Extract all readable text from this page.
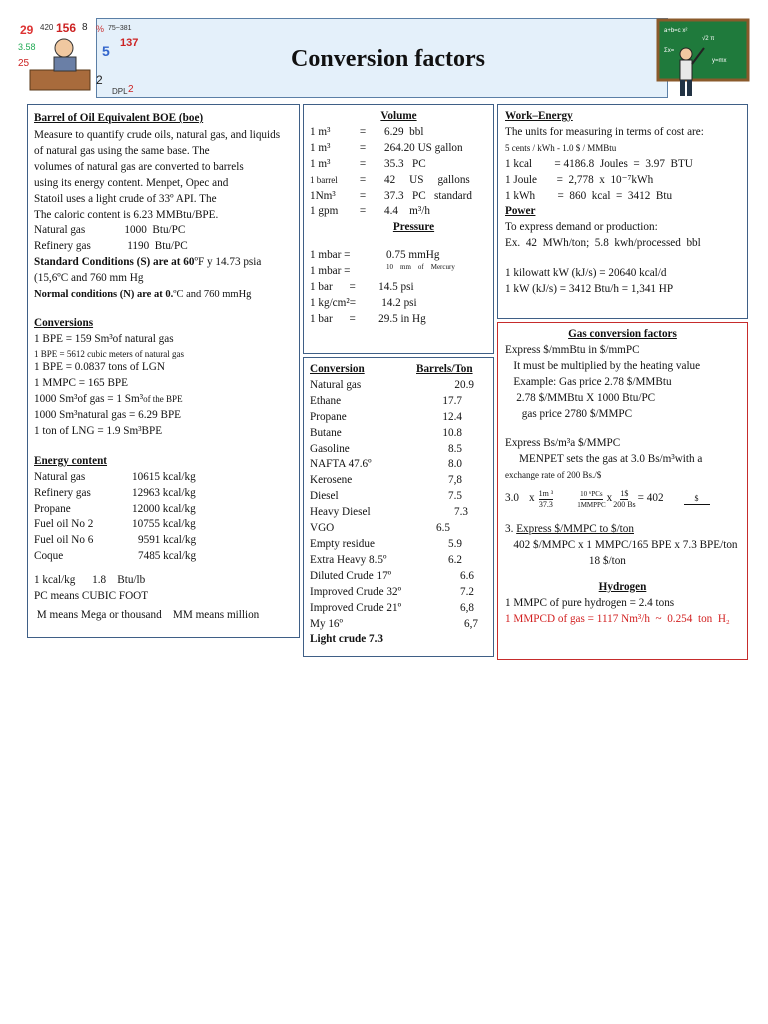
Conversion factors
29 420 156 8 % 75~381
3.58	137
5
25
2
DPL 2
a+b=c x²
√2 π
Σx=
y=mx
Barrel of Oil Equivalent BOE (boe)
Measure to quantify crude oils, natural gas, and liquids
of natural gas using the same base. The
volumes of natural gas are converted to barrels
using its energy content. Menpet, Opec and
Statoil uses a light crude of 33º API. The
The caloric content is 6.23 MMBtu/BPE.
Natural gas              1000  Btu/PC
Refinery gas             1190  Btu/PC
Standard Conditions (S) are at 60ºF y 14.73 psia
(15,6ºC and 760 mm Hg
Normal conditions (N) are at 0.ºC and 760 mmHg
Conversions
1 BPE = 159 Sm³of natural gas
1 BPE = 5612 cubic meters of natural gas
1 BPE = 0.0837 tons of LGN
1 MMPC = 165 BPE
1000 Sm³of gas = 1 Sm³of the BPE
1000 Sm³natural gas = 6.29 BPE
1 ton of LNG = 1.9 Sm³BPE
Energy content
Natural gas	10615 kcal/kg
Refinery gas	12963 kcal/kg
Propane	12000 kcal/kg
Fuel oil No 2	10755 kcal/kg
Fuel oil No 6	9591 kcal/kg
Coque	7485 kcal/kg
1 kcal/kg      1.8    Btu/lb
PC means CUBIC FOOT
M means Mega or thousand    MM means million
Volume
1 m³	=	6.29  bbl
1 m³	=	264.20 US gallon
1 m³	=	35.3   PC
1 barrel	=	42     US     gallons
1Nm³	=	37.3   PC   standard
1 gpm	=	4.4    m³/h
Pressure
1 mbar =	0.75 mmHg
1 mbar =	10    mm    of    Mercury
1 bar      =        14.5 psi
1 kg/cm²=         14.2 psi
1 bar      =        29.5 in Hg
Conversion	Barrels/Ton
Natural gas	20.9
Ethane	17.7
Propane	12.4
Butane	10.8
Gasoline	8.5
NAFTA 47.6º	8.0
Kerosene	7,8
Diesel	7.5
Heavy Diesel	7.3
VGO	6.5
Empty residue	5.9
Extra Heavy 8.5º	6.2
Diluted Crude 17º	6.6
Improved Crude 32º	7.2
Improved Crude 21º	6,8
My 16º	6,7
Light crude 7.3
Work–Energy
The units for measuring in terms of cost are:
5 cents / kWh - 1.0 $ / MMBtu
1 kcal        = 4186.8  Joules  =  3.97  BTU
1 Joule       =  2,778  x  10⁻⁷kWh
1 kWh        =  860  kcal  =  3412  Btu
Power
To express demand or production:
Ex.  42  MWh/ton;  5.8  kwh/processed  bbl
1 kilowatt kW (kJ/s) = 20640 kcal/d
1 kW (kJ/s) = 3412 Btu/h = 1,341 HP
Gas conversion factors
Express $/mmBtu in $/mmPC
It must be multiplied by the heating value
Example: Gas price 2.78 $/MMBtu
2.78 $/MMBtu X 1000 Btu/PC
gas price 2780 $/MMPC
Express Bs/m³a $/MMPC
MENPET sets the gas at 3.0 Bs/m³with a
exchange rate of 200 Bs./$
3.0 x $\frac{\text{1m ³}}{37.3}$	10 ⁶PCs
1MMPPC
x $\frac{1\$}{200 Bs} = 402$	$
3. Express $/MMPC to $/ton
402 $/MMPC x 1 MMPC/165 BPE x 7.3 BPE/ton
18 $/ton
Hydrogen
1 MMPC of pure hydrogen = 2.4 tons
1 MMPCD of gas = 1117 Nm³/h  ~  0.254  ton  H₂
